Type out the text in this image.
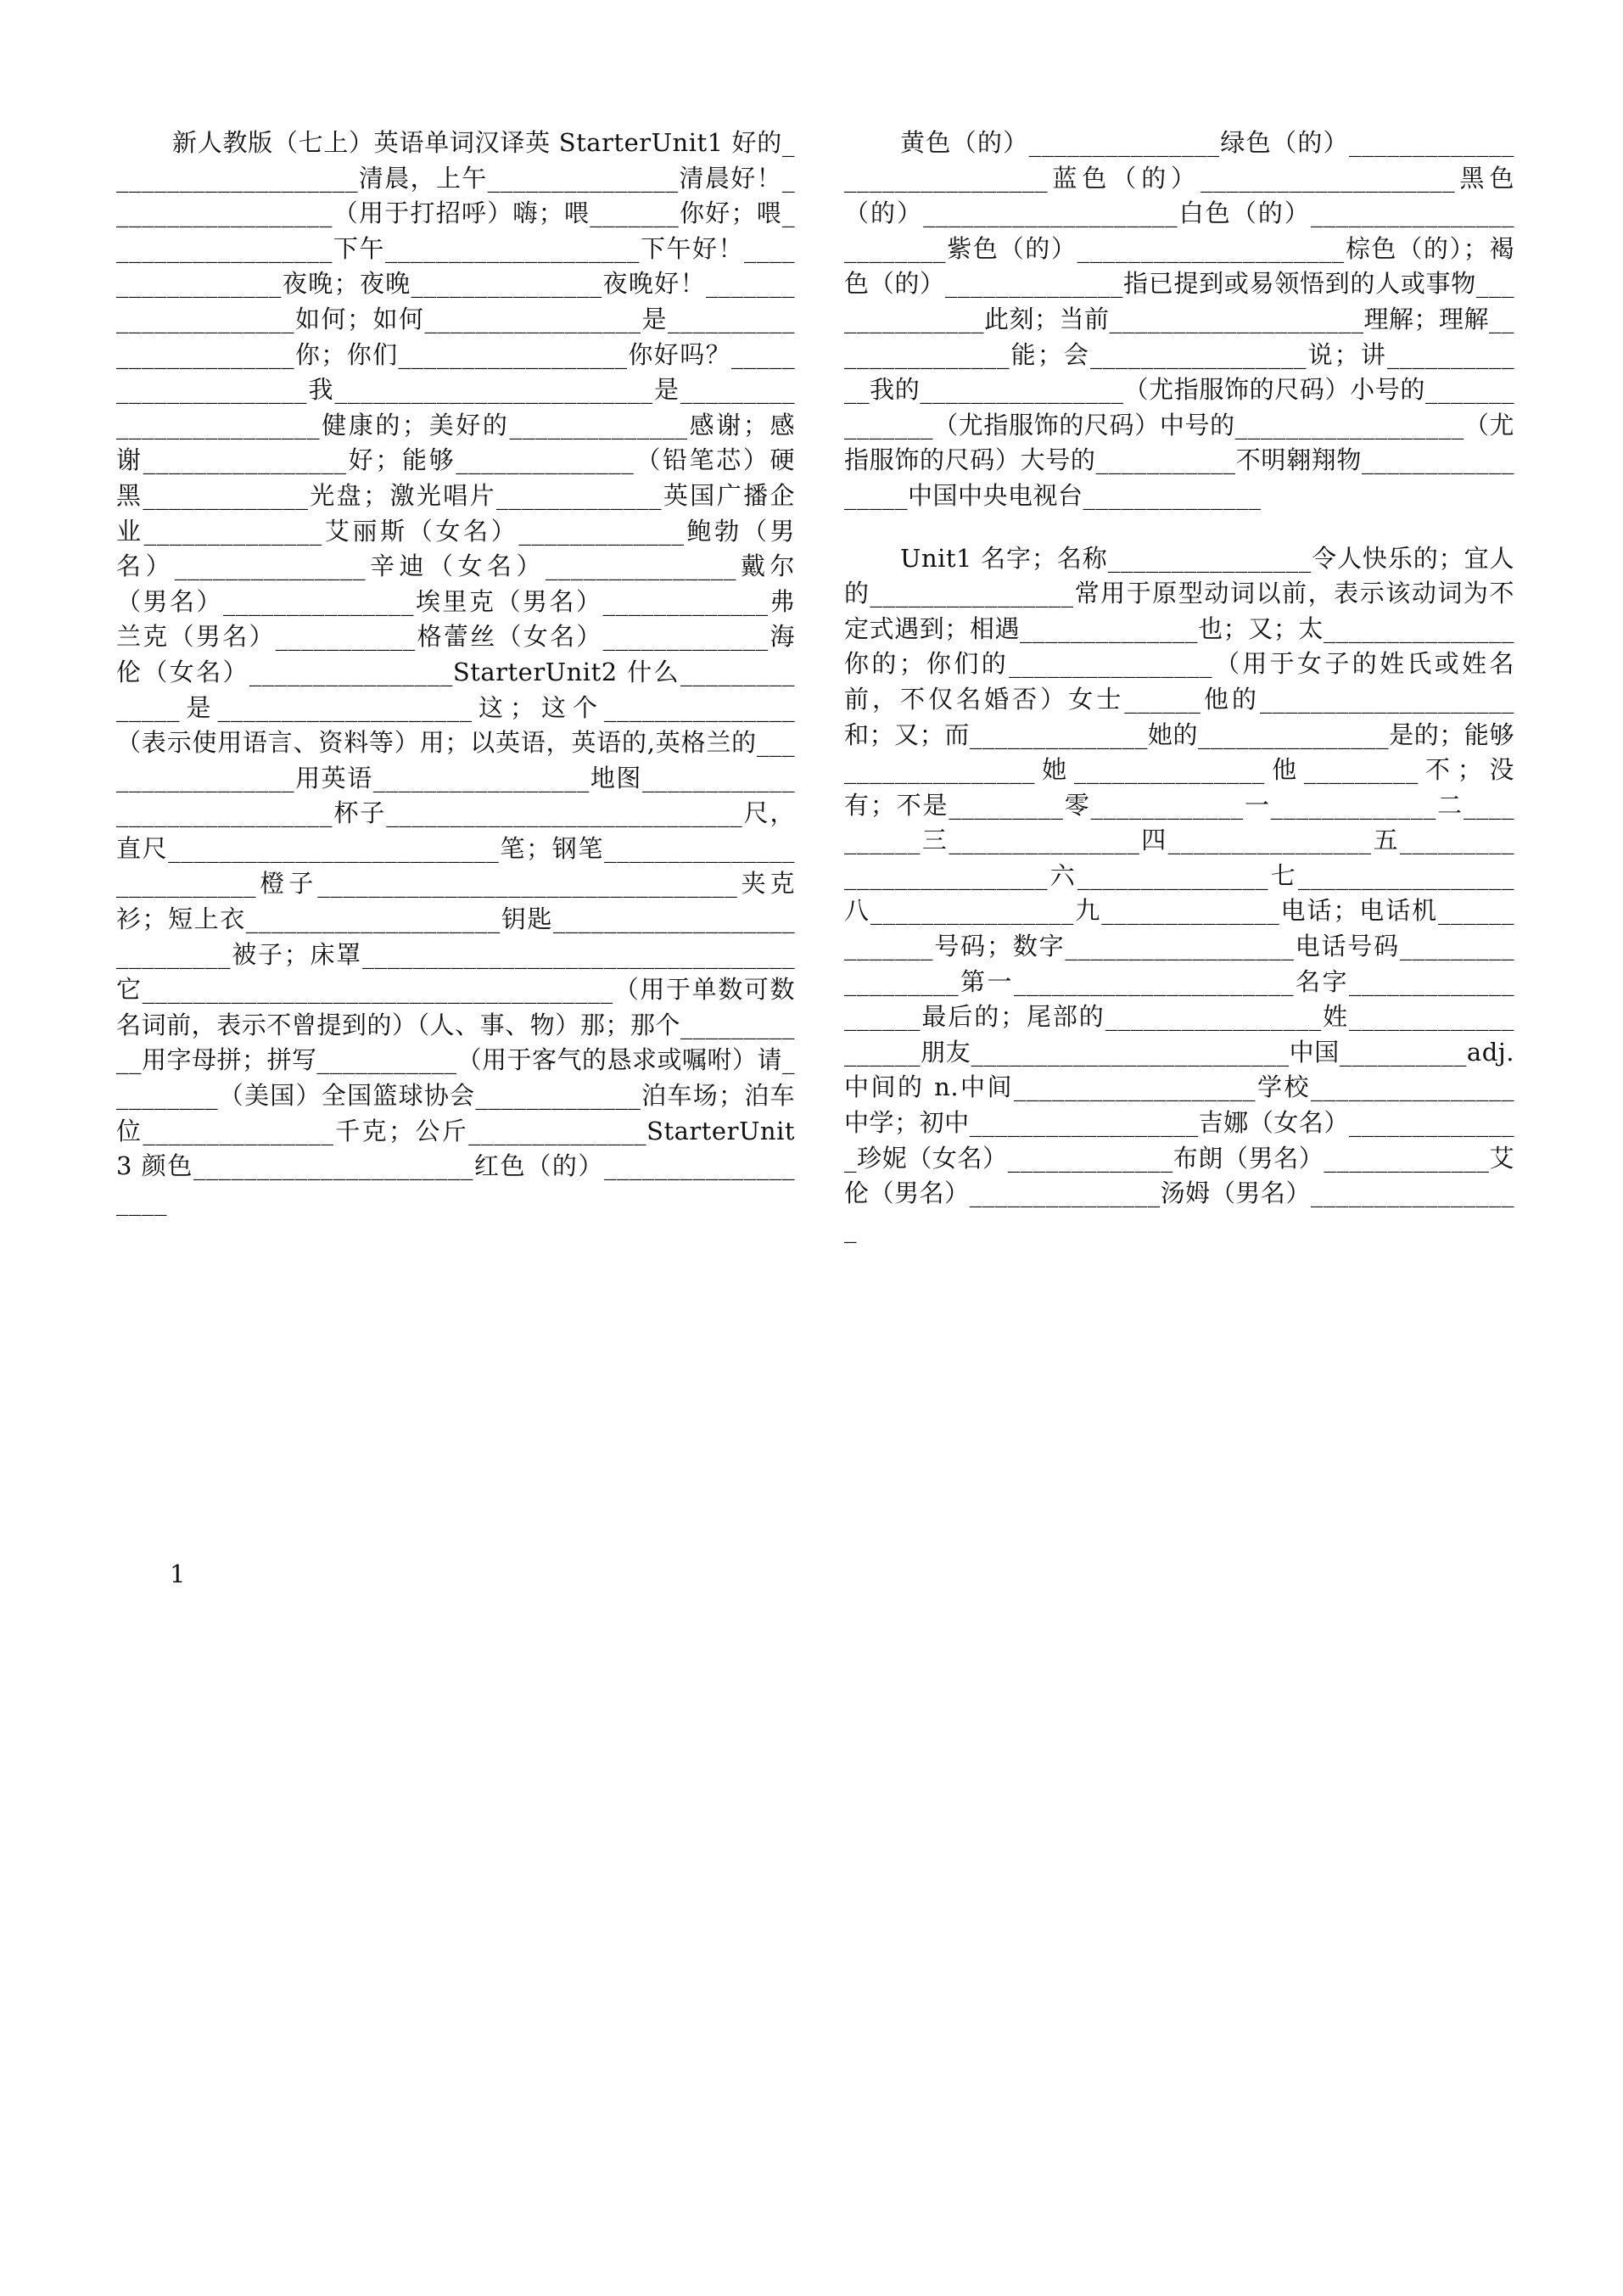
新人教版（七上）英语单词汉译英 StarterUnit1 好的____________________清晨，上午_______________清晨好！__________________（用于打招呼）嗨；喂_______你好；喂__________________下午____________________下午好！_________________夜晚；夜晚_______________夜晚好！_____________________如何；如何_________________是________________________你；你们__________________你好吗？____________________我_________________________是_________________________健康的；美好的______________感谢；感谢________________好；能够______________（铅笔芯）硬黑_____________光盘；激光唱片_____________英国广播企业______________艾丽斯（女名）_____________鲍勃（男名）_______________辛迪（女名）_______________戴尔（男名）_______________埃里克（男名）_____________弗兰克（男名）___________格蕾丝（女名）_____________海伦（女名）________________StarterUnit2 什么______________是____________________这；这个_______________（表示使用语言、资料等）用；以英语，英语的,英格兰的_________________用英语_________________地图_____________________________杯子____________________________尺，直尺__________________________笔；钢笔__________________________橙子_________________________________夹克衫；短上衣____________________钥匙____________________________被子；床罩__________________________________它_____________________________________（用于单数可数名词前，表示不曾提到的）（人、事、物）那；那个___________用字母拼；拼写___________（用于客气的恳求或嘱咐）请_________（美国）全国篮球协会_____________泊车场；泊车位_______________千克；公斤______________StarterUnit3 颜色______________________红色（的）___________________

黄色（的）_______________绿色（的）_____________________________蓝色（的）____________________黑色（的）____________________白色（的）________________________紫色（的）_____________________棕色（的）；褐色（的）______________指已提到或易领悟到的人或事物______________此刻；当前____________________理解；理解_______________能；会_________________说；讲____________我的________________（尤指服饰的尺码）小号的______________（尤指服饰的尺码）中号的__________________（尤指服饰的尺码）大号的___________不明翱翔物_________________中国中央电视台______________

Unit1 名字；名称________________令人快乐的；宜人的________________常用于原型动词以前，表示该动词为不定式遇到；相遇______________也；又；太_______________你的；你们的________________（用于女子的姓氏或姓名前，不仅名婚否）女士______他的____________________和；又；而______________她的_______________是的；能够_______________她_______________他_________不；没有；不是_________零____________一_____________二__________三_______________四________________五_________________________六_______________七_________________八________________九______________电话；电话机_____________号码；数字__________________电话号码__________________第一______________________名字___________________最后的；尾部的_________________姓___________________朋友_________________________中国__________adj.中间的 n.中间___________________学校________________中学；初中__________________吉娜（女名）______________珍妮（女名）_____________布朗（男名）_____________艾伦（男名）_______________汤姆（男名）_________________

1
